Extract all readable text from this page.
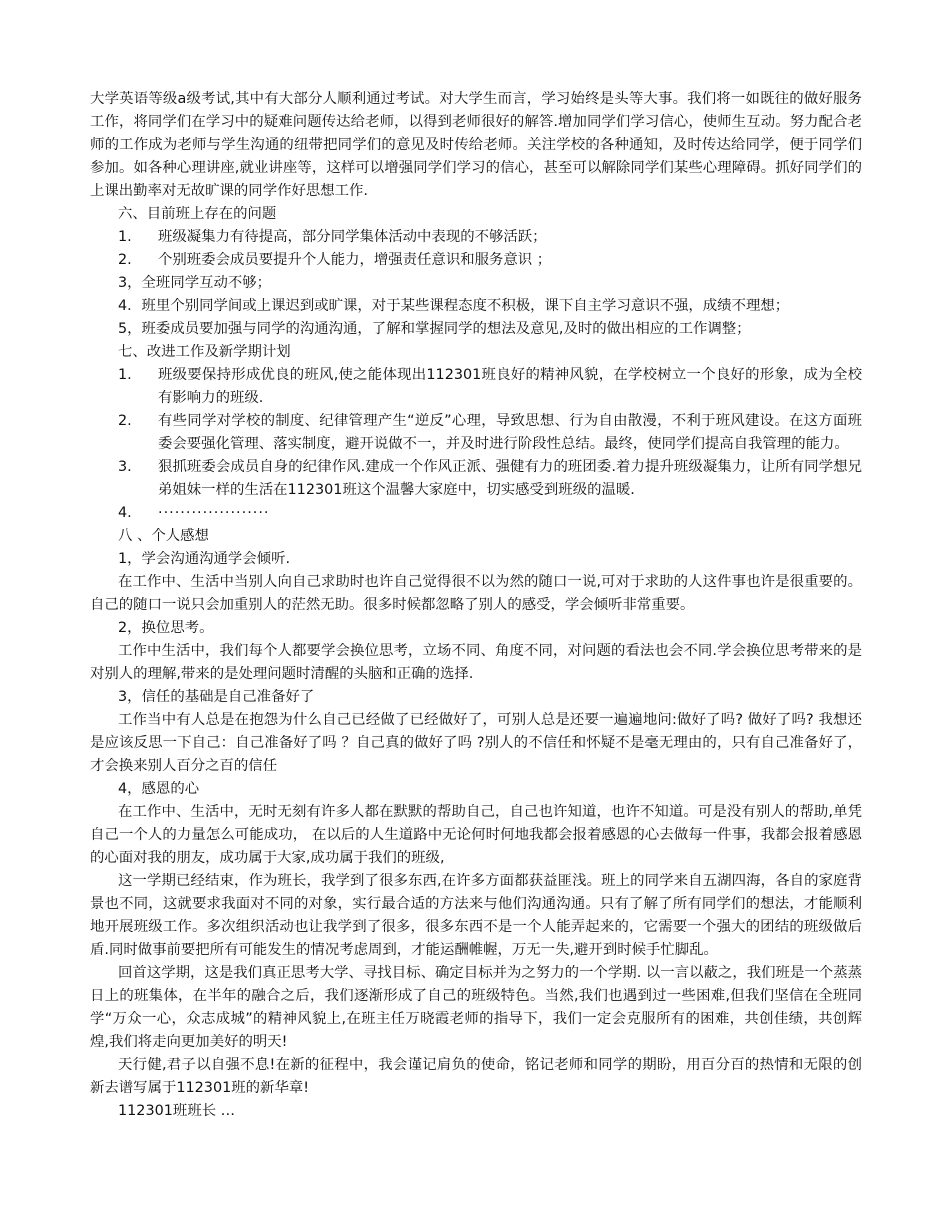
大学英语等级a级考试,其中有大部分人顺利通过考试。对大学生而言，学习始终是头等大事。我们将一如既往的做好服务工作，将同学们在学习中的疑难问题传达给老师，以得到老师很好的解答.增加同学们学习信心，使师生互动。努力配合老师的工作成为老师与学生沟通的纽带把同学们的意见及时传给老师。关注学校的各种通知，及时传达给同学，便于同学们参加。如各种心理讲座,就业讲座等，这样可以增强同学们学习的信心，甚至可以解除同学们某些心理障碍。抓好同学们的上课出勤率对无故旷课的同学作好思想工作.

六、目前班上存在的问题

1.	班级凝集力有待提高，部分同学集体活动中表现的不够活跃；
2.	个别班委会成员要提升个人能力，增强责任意识和服务意识 ；

3，全班同学互动不够；

4．班里个别同学间或上课迟到或旷课，对于某些课程态度不积极，课下自主学习意识不强，成绩不理想；

5，班委成员要加强与同学的沟通沟通，了解和掌握同学的想法及意见,及时的做出相应的工作调整；

七、改进工作及新学期计划

1.	班级要保持形成优良的班风,使之能体现出112301班良好的精神风貌，在学校树立一个良好的形象，成为全校有影响力的班级.
2.	有些同学对学校的制度、纪律管理产生“逆反”心理，导致思想、行为自由散漫，不利于班风建设。在这方面班委会要强化管理、落实制度，避开说做不一，并及时进行阶段性总结。最终，使同学们提高自我管理的能力。
3.	狠抓班委会成员自身的纪律作风.建成一个作风正派、强健有力的班团委.着力提升班级凝集力，让所有同学想兄弟姐妹一样的生活在112301班这个温馨大家庭中，切实感受到班级的温暖.
4.	····················

八 、个人感想

1，学会沟通沟通学会倾听.

在工作中、生活中当别人向自己求助时也许自己觉得很不以为然的随口一说,可对于求助的人这件事也许是很重要的。自己的随口一说只会加重别人的茫然无助。很多时候都忽略了别人的感受，学会倾听非常重要。

2，换位思考。

工作中生活中，我们每个人都要学会换位思考，立场不同、角度不同，对问题的看法也会不同.学会换位思考带来的是对别人的理解,带来的是处理问题时清醒的头脑和正确的选择.

3，信任的基础是自己准备好了

工作当中有人总是在抱怨为什么自己已经做了已经做好了，可别人总是还要一遍遍地问:做好了吗? 做好了吗? 我想还是应该反思一下自己：自己准备好了吗 ？自己真的做好了吗 ?别人的不信任和怀疑不是毫无理由的，只有自己准备好了，才会换来别人百分之百的信任

4，感恩的心

在工作中、生活中，无时无刻有许多人都在默默的帮助自己，自己也许知道，也许不知道。可是没有别人的帮助,单凭自己一个人的力量怎么可能成功， 在以后的人生道路中无论何时何地我都会报着感恩的心去做每一件事，我都会报着感恩的心面对我的朋友，成功属于大家,成功属于我们的班级,

这一学期已经结束，作为班长，我学到了很多东西,在许多方面都获益匪浅。班上的同学来自五湖四海，各自的家庭背景也不同，这就要求我面对不同的对象，实行最合适的方法来与他们沟通沟通。只有了解了所有同学们的想法，才能顺利地开展班级工作。多次组织活动也让我学到了很多，很多东西不是一个人能弄起来的，它需要一个强大的团结的班级做后盾.同时做事前要把所有可能发生的情况考虑周到，才能运酬帷幄，万无一失,避开到时候手忙脚乱。

回首这学期，这是我们真正思考大学、寻找目标、确定目标并为之努力的一个学期. 以一言以蔽之，我们班是一个蒸蒸日上的班集体，在半年的融合之后，我们逐渐形成了自己的班级特色。当然,我们也遇到过一些困难,但我们坚信在全班同学“万众一心，众志成城”的精神风貌上,在班主任万晓霞老师的指导下，我们一定会克服所有的困难，共创佳绩，共创辉煌,我们将走向更加美好的明天!

天行健,君子以自强不息!在新的征程中，我会谨记肩负的使命，铭记老师和同学的期盼，用百分百的热情和无限的创新去谱写属于112301班的新华章!

112301班班长 …
